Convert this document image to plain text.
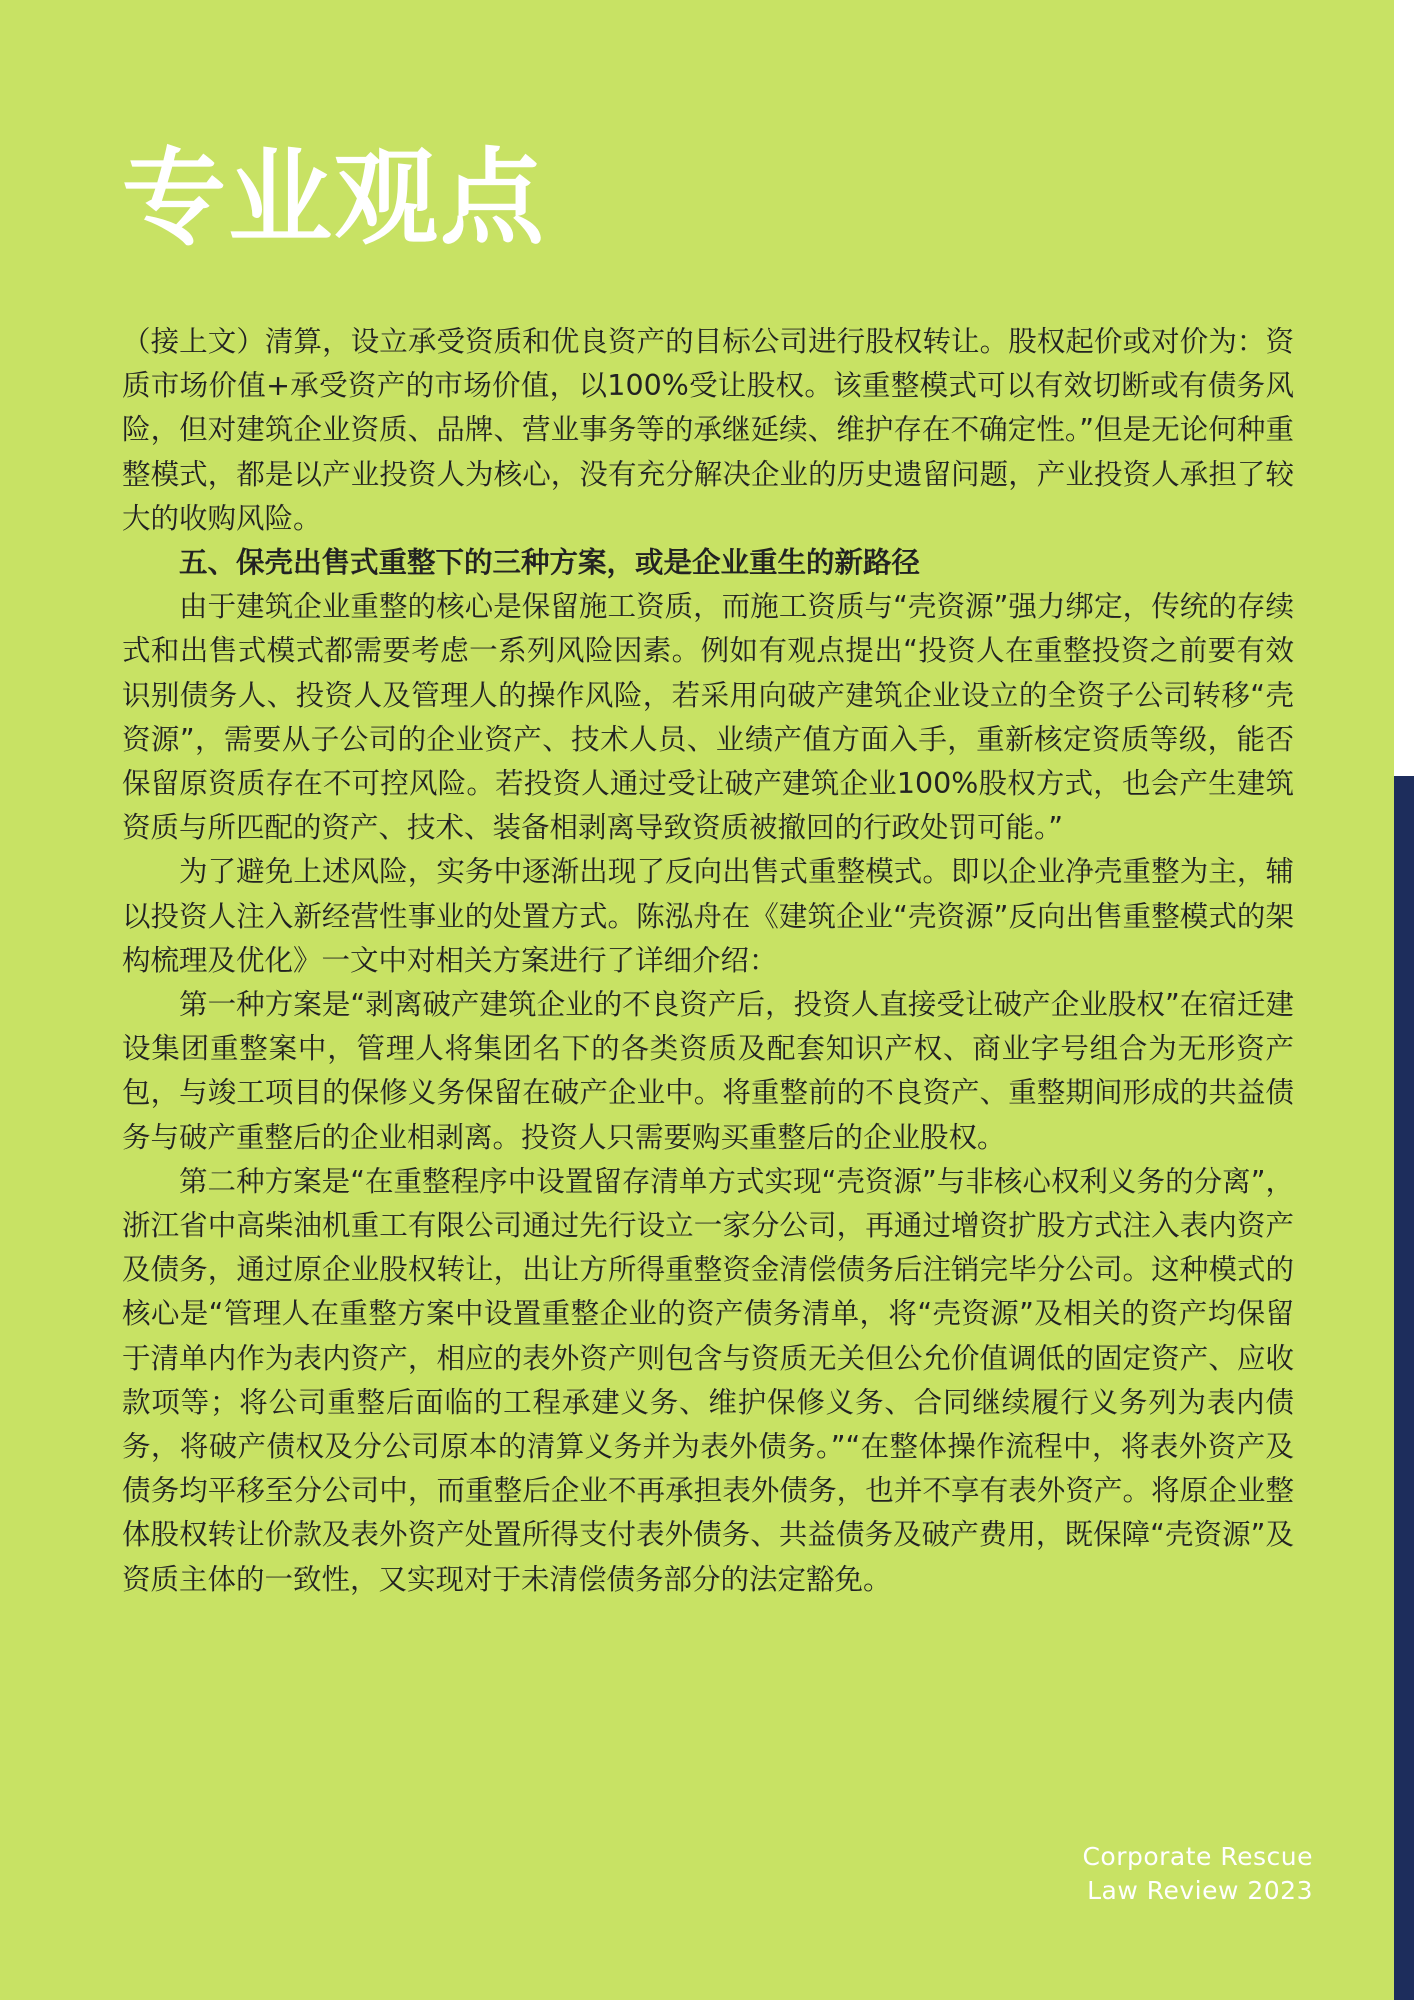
专业观点

（接上文）清算，设立承受资质和优良资产的目标公司进行股权转让。股权起价或对价为：资质市场价值+承受资产的市场价值，以100%受让股权。该重整模式可以有效切断或有债务风险，但对建筑企业资质、品牌、营业事务等的承继延续、维护存在不确定性。”但是无论何种重整模式，都是以产业投资人为核心，没有充分解决企业的历史遗留问题，产业投资人承担了较大的收购风险。

五、保壳出售式重整下的三种方案，或是企业重生的新路径

由于建筑企业重整的核心是保留施工资质，而施工资质与“壳资源”强力绑定，传统的存续式和出售式模式都需要考虑一系列风险因素。例如有观点提出“投资人在重整投资之前要有效识别债务人、投资人及管理人的操作风险，若采用向破产建筑企业设立的全资子公司转移“壳资源”，需要从子公司的企业资产、技术人员、业绩产值方面入手，重新核定资质等级，能否保留原资质存在不可控风险。若投资人通过受让破产建筑企业100%股权方式，也会产生建筑资质与所匹配的资产、技术、装备相剥离导致资质被撤回的行政处罚可能。”

为了避免上述风险，实务中逐渐出现了反向出售式重整模式。即以企业净壳重整为主，辅以投资人注入新经营性事业的处置方式。陈泓舟在《建筑企业“壳资源”反向出售重整模式的架构梳理及优化》一文中对相关方案进行了详细介绍：

第一种方案是“剥离破产建筑企业的不良资产后，投资人直接受让破产企业股权”在宿迁建设集团重整案中，管理人将集团名下的各类资质及配套知识产权、商业字号组合为无形资产包，与竣工项目的保修义务保留在破产企业中。将重整前的不良资产、重整期间形成的共益债务与破产重整后的企业相剥离。投资人只需要购买重整后的企业股权。

第二种方案是“在重整程序中设置留存清单方式实现“壳资源”与非核心权利义务的分离”，浙江省中高柴油机重工有限公司通过先行设立一家分公司，再通过增资扩股方式注入表内资产及债务，通过原企业股权转让，出让方所得重整资金清偿债务后注销完毕分公司。这种模式的核心是“管理人在重整方案中设置重整企业的资产债务清单，将“壳资源”及相关的资产均保留于清单内作为表内资产，相应的表外资产则包含与资质无关但公允价值调低的固定资产、应收款项等；将公司重整后面临的工程承建义务、维护保修义务、合同继续履行义务列为表内债务，将破产债权及分公司原本的清算义务并为表外债务。”“在整体操作流程中，将表外资产及债务均平移至分公司中，而重整后企业不再承担表外债务，也并不享有表外资产。将原企业整体股权转让价款及表外资产处置所得支付表外债务、共益债务及破产费用，既保障“壳资源”及资质主体的一致性，又实现对于未清偿债务部分的法定豁免。

Corporate Rescue
Law Review 2023
